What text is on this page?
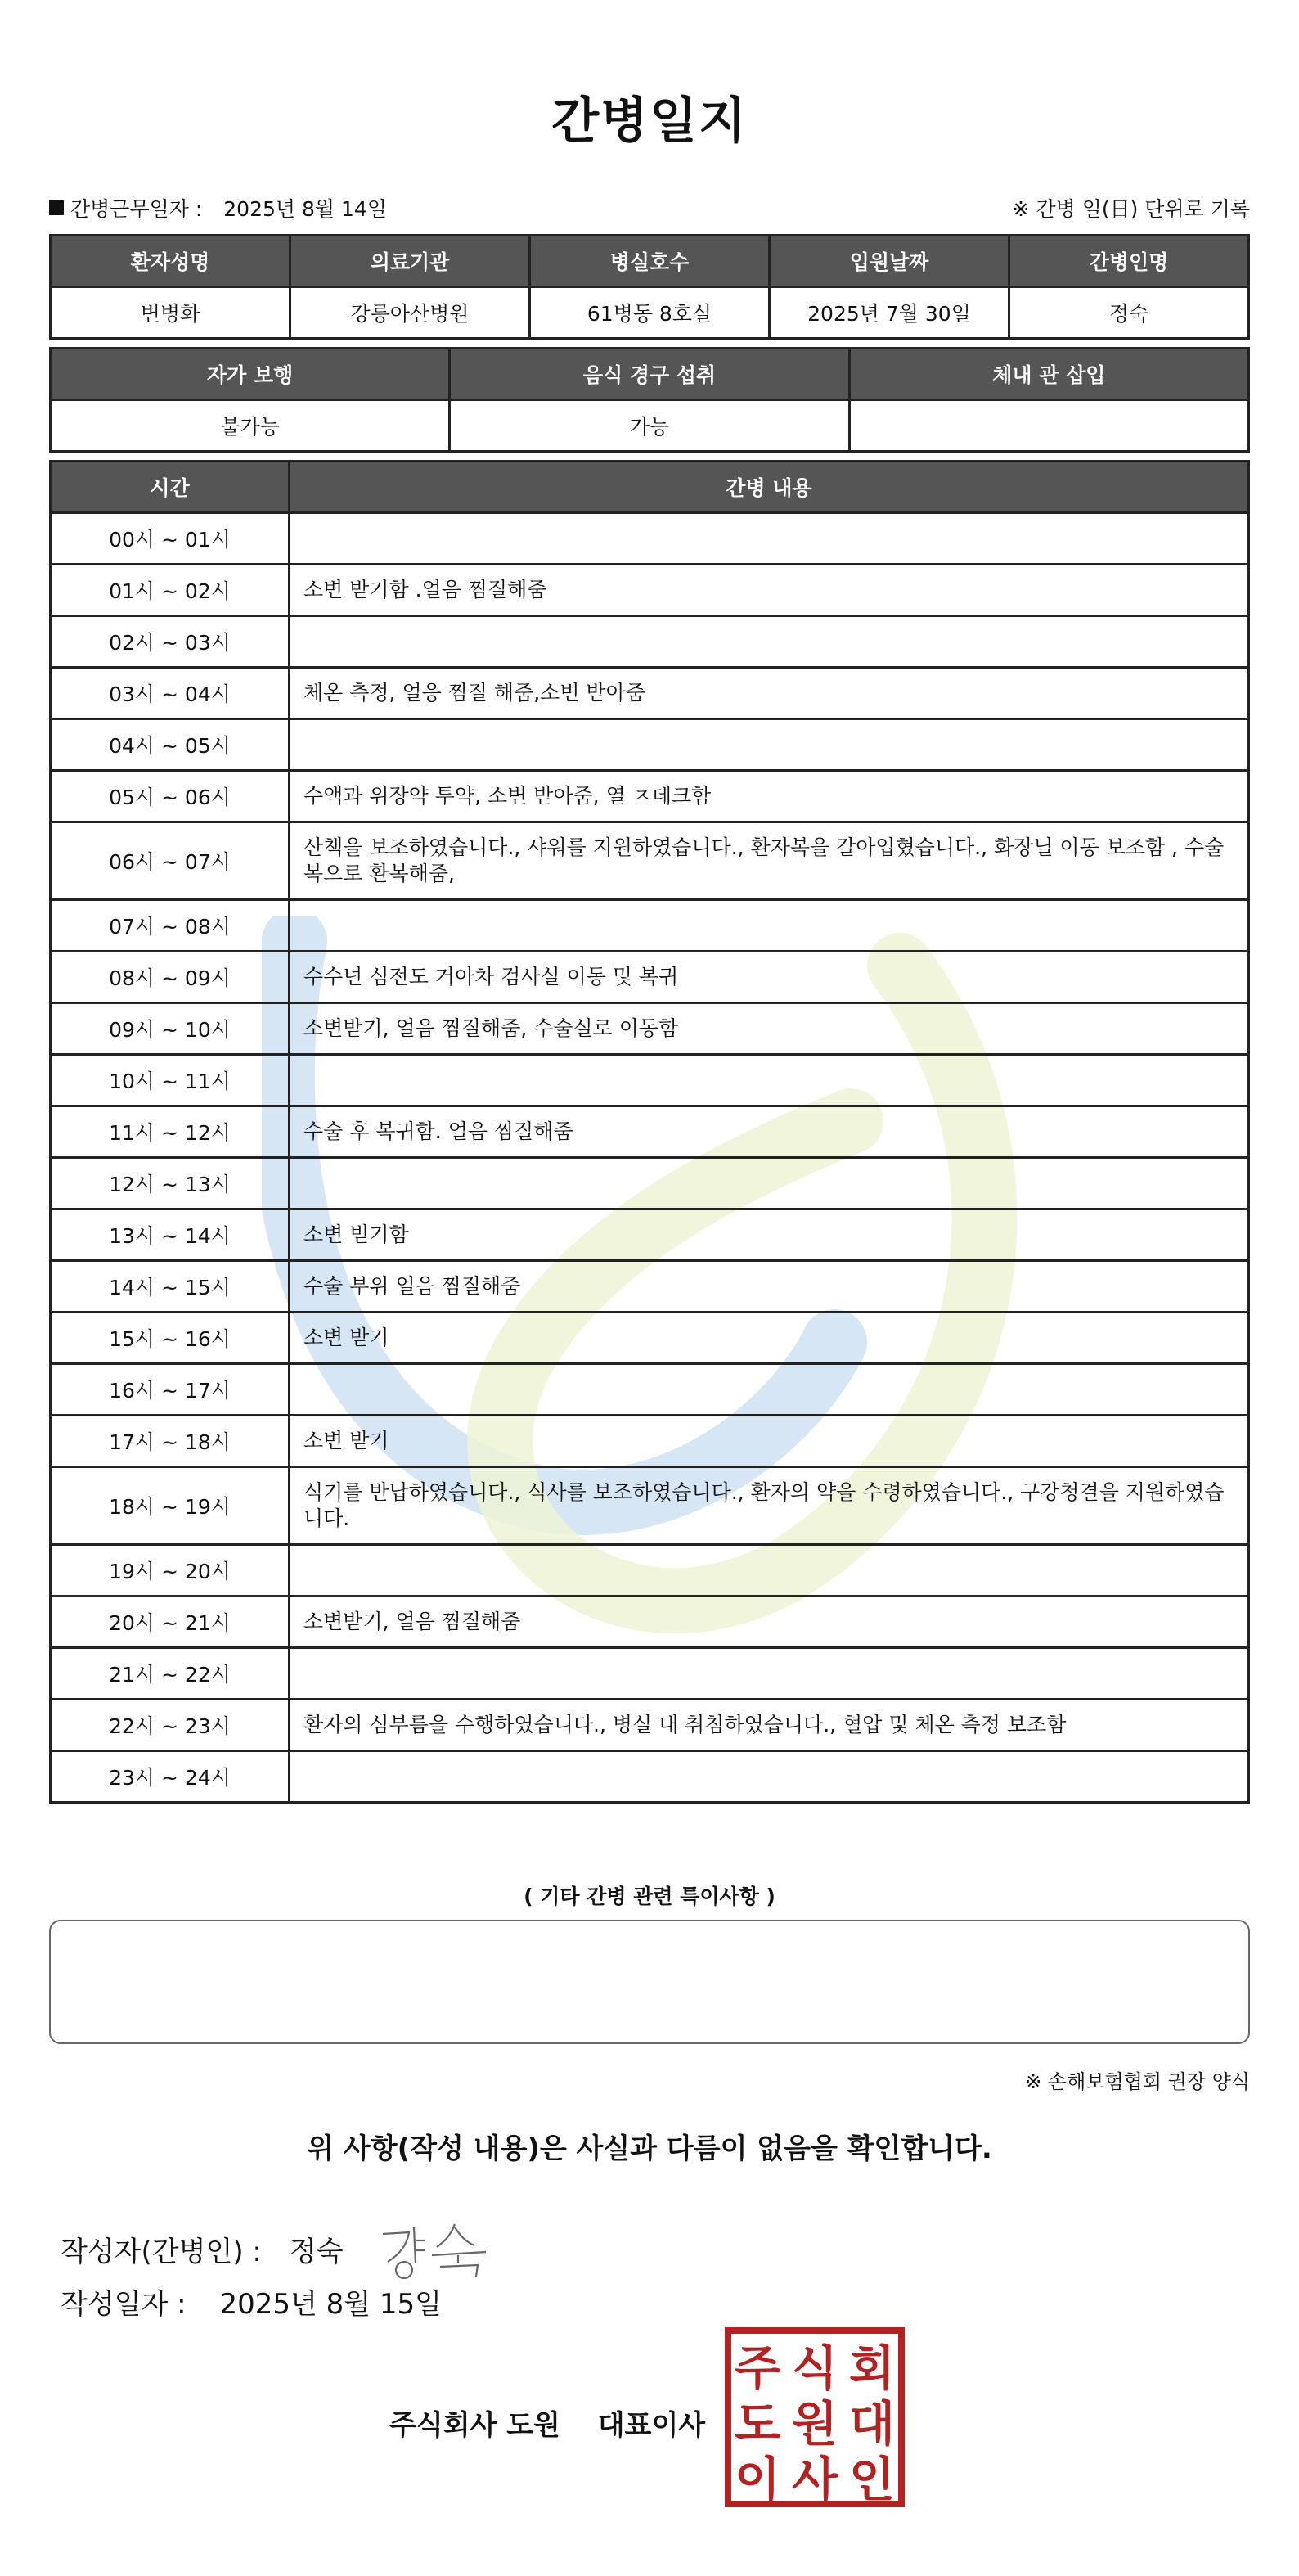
간병일지
간병근무일자 : 2025년 8월 14일	※ 간병 일(日) 단위로 기록
환자성명	의료기관	병실호수	입원날짜	간병인명
변병화	강릉아산병원	61병동 8호실	2025년 7월 30일	정숙
자가 보행	음식 경구 섭취	체내 관 삽입
불가능	가능	
시간	간병 내용
00시 ~ 01시	
01시 ~ 02시	소변 받기함 .얼음 찜질해줌
02시 ~ 03시	
03시 ~ 04시	체온 측정, 얼응 찜질 해줌,소변 받아줌
04시 ~ 05시	
05시 ~ 06시	수액과 위장약 투약, 소변 받아줌, 열 ㅈ데크함
06시 ~ 07시	산책을 보조하였습니다., 샤워를 지원하였습니다., 환자복을 갈아입혔습니다., 화장닐 이동 보조함 , 수술복으로 환복해줌,
07시 ~ 08시	
08시 ~ 09시	수수넌 심전도 거아차 검사실 이동 및 복귀
09시 ~ 10시	소변받기, 얼음 찜질해줌, 수술실로 이동함
10시 ~ 11시	
11시 ~ 12시	수술 후 복귀함. 얼음 찜질해줌
12시 ~ 13시	
13시 ~ 14시	소변 빋기함
14시 ~ 15시	수술 부위 얼음 찜질해줌
15시 ~ 16시	소변 받기
16시 ~ 17시	
17시 ~ 18시	소변 받기
18시 ~ 19시	식기를 반납하였습니다., 식사를 보조하였습니다., 환자의 약을 수령하였습니다., 구강청결을 지원하였습니다.
19시 ~ 20시	
20시 ~ 21시	소변받기, 얼음 찜질해줌
21시 ~ 22시	
22시 ~ 23시	환자의 심부름을 수행하였습니다., 병실 내 취침하였습니다., 혈압 및 체온 측정 보조함
23시 ~ 24시	
( 기타 간병 관련 특이사항 )
※ 손해보험협회 권장 양식
위 사항(작성 내용)은 사실과 다름이 없음을 확인합니다.
작성자(간병인) : 정숙
작성일자 : 2025년 8월 15일
주식회사 도원 대표이사
주 식 회
도 원 대
이 사 인
